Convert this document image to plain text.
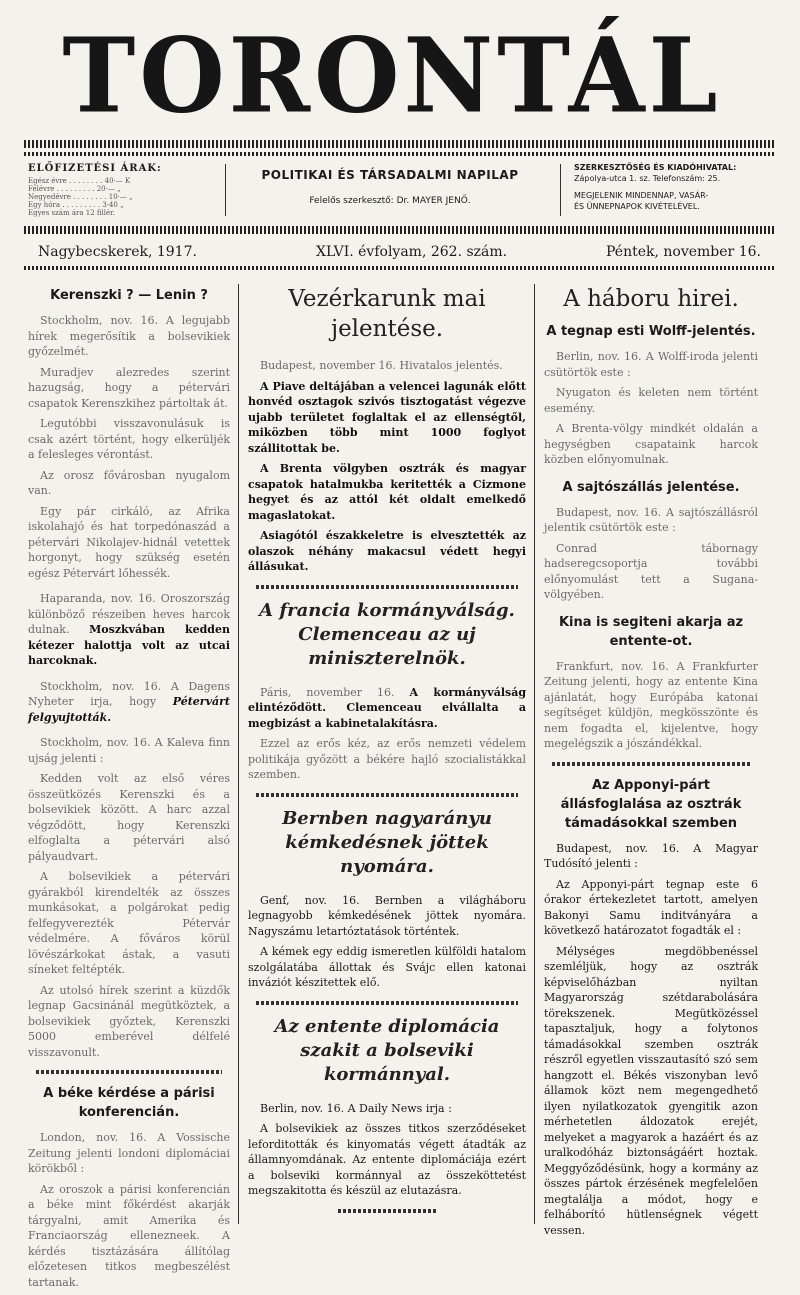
TORONTÁL
ELŐFIZETÉSI ÁRAK:
Egész évre . . . . . . . . 40·— K
Félévre . . . . . . . . . 20·— „
Negyedévre . . . . . . . . 10·— „
Egy hóra . . . . . . . . . 3·40 „
Egyes szám ára 12 fillér.
POLITIKAI ÉS TÁRSADALMI NAPILAP
Felelős szerkesztő: Dr. MAYER JENŐ.
SZERKESZTŐSÉG ÉS KIADÓHIVATAL:
Zápolya-utca 1. sz. Telefonszám: 25.
MEGJELENIK MINDENNAP, VASÁR-
ÉS ÜNNEPNAPOK KIVÉTELÉVEL.
Nagybecskerek, 1917.	XLVI. évfolyam, 262. szám.	Péntek, november 16.
Kerenszki ? — Lenin ?

Stockholm, nov. 16. A legujabb hírek megerősítik a bolsevikiek győzelmét.

Muradjev alezredes szerint hazugság, hogy a pétervári csapatok Kerenszkihez pártoltak át.

Legutóbbi visszavonulásuk is csak azért történt, hogy elkerüljék a felesleges vérontást.

Az orosz fővárosban nyugalom van.

Egy pár cirkáló, az Afrika iskolahajó és hat torpedónaszád a pétervári Nikolajev-hidnál vetettek horgonyt, hogy szükség esetén egész Pétervárt lőhessék.

Haparanda, nov. 16. Oroszország különböző részeiben heves harcok dulnak. Moszkvában kedden kétezer halottja volt az utcai harcoknak.

Stockholm, nov. 16. A Dagens Nyheter irja, hogy Pétervárt felgyujtották.

Stockholm, nov. 16. A Kaleva finn ujság jelenti :

Kedden volt az első véres összeütközés Kerenszki és a bolsevikiek között. A harc azzal végződött, hogy Kerenszki elfoglalta a pétervári alsó pályaudvart.

A bolsevikiek a pétervári gyárakból kirendelték az összes munkásokat, a polgárokat pedig felfegyverezték Pétervár védelmére. A főváros körül lövészárkokat ástak, a vasuti síneket feltépték.

Az utolsó hírek szerint a küzdők legnap Gacsinánál megütköztek, a bolsevikiek győztek, Kerenszki 5000 emberével délfelé visszavonult.

A béke kérdése a párisi konferencián.

London, nov. 16. A Vossische Zeitung jelenti londoni diplomáciai körökből :

Az oroszok a párisi konferencián a béke mint főkérdést akarják tárgyalni, amit Amerika és Franciaország ellenezneek. A kérdés tisztázására állítólag előzetesen titkos megbeszélést tartanak.

Vezérkarunk mai jelentése.

Budapest, november 16. Hivatalos jelentés.

A Piave deltájában a velencei lagunák előtt honvéd osztagok szivós tisztogatást végezve ujabb területet foglaltak el az ellenségtől, miközben több mint 1000 foglyot szállitottak be.

A Brenta völgyben osztrák és magyar csapatok hatalmukba keritették a Cizmone hegyet és az attól két oldalt emelkedő magaslatokat.

Asiagótól északkeletre is elvesztették az olaszok néhány makacsul védett hegyi állásukat.

A francia kormányválság. Clemenceau az uj miniszterelnök.

Páris, november 16. A kormányválság elintéződött. Clemenceau elvállalta a megbizást a kabinetalakításra.

Ezzel az erős kéz, az erős nemzeti védelem politikája győzött a békére hajló szocialistákkal szemben.

Bernben nagyarányu kémkedésnek jöttek nyomára.

Genf, nov. 16. Bernben a világháboru legnagyobb kémkedésének jöttek nyomára. Nagyszámu letartóztatások történtek.

A kémek egy eddig ismeretlen külföldi hatalom szolgálatába állottak és Svájc ellen katonai inváziót készitettek elő.

Az entente diplomácia szakit a bolseviki kormánnyal.

Berlin, nov. 16. A Daily News irja :

A bolsevikiek az összes titkos szerződéseket leforditották és kinyomatás végett átadták az államnyomdának. Az entente diplomáciája ezért a bolseviki kormánnyal az összeköttetést megszakitotta és készül az elutazásra.

A háboru hirei.
A tegnap esti Wolff-jelentés.

Berlin, nov. 16. A Wolff-iroda jelenti csütörtök este :

Nyugaton és keleten nem történt esemény.

A Brenta-völgy mindkét oldalán a hegységben csapataink harcok közben előnyomulnak.

A sajtószállás jelentése.

Budapest, nov. 16. A sajtószállásról jelentik csütörtök este :

Conrad tábornagy hadseregcsoportja további előnyomulást tett a Sugana-völgyében.

Kina is segiteni akarja az entente-ot.

Frankfurt, nov. 16. A Frankfurter Zeitung jelenti, hogy az entente Kina ajánlatát, hogy Európába katonai segítséget küldjön, megkösszönte és nem fogadta el, kijelentve, hogy megelégszik a jószándékkal.

Az Apponyi-párt állásfoglalása az osztrák támadásokkal szemben

Budapest, nov. 16. A Magyar Tudósító jelenti :

Az Apponyi-párt tegnap este 6 órakor értekezletet tartott, amelyen Bakonyi Samu inditványára a következő határozatot fogadták el :

Mélységes megdöbbenéssel szemléljük, hogy az osztrák képviselőházban nyiltan Magyarország szétdarabolására törekszenek. Megütközéssel tapasztaljuk, hogy a folytonos támadásokkal szemben osztrák részről egyetlen visszautasító szó sem hangzott el. Békés viszonyban levő államok közt nem megengedhető ilyen nyilatkozatok gyengitik azon mérhetetlen áldozatok erejét, melyeket a magyarok a hazáért és az uralkodóház biztonságáért hoztak. Meggyőződésünk, hogy a kormány az összes pártok érzésének megfelelően megtalálja a módot, hogy e felháborító hütlenségnek végett vessen.
